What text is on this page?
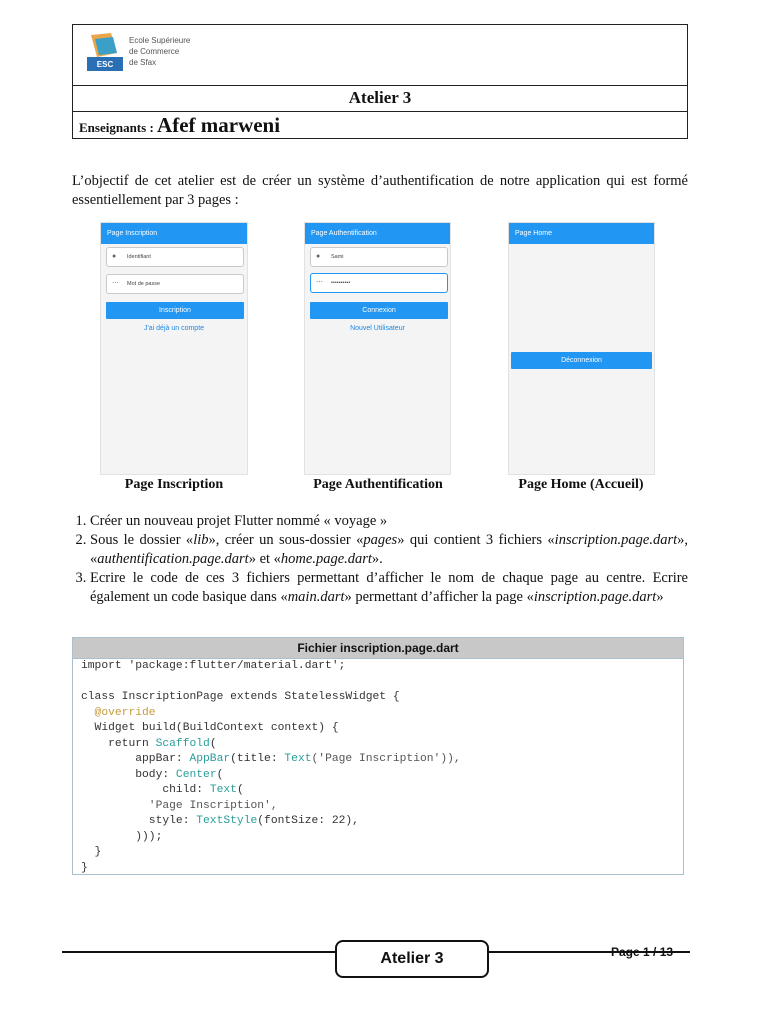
ESC
Ecole Supérieure
de Commerce
de Sfax
Atelier 3
Enseignants : Afef marweni
L’objectif de cet atelier est de créer un système d’authentification de notre application qui est formé essentiellement par 3 pages :
Page Inscription
● Identifiant
⋯ Mot de passe
Inscription
J'ai déjà un compte
Page Authentification
● Sami
⋯ ••••••••••
Connexion
Nouvel Utilisateur
Page Home
Déconnexion
Page Inscription	Page Authentification	Page Home (Accueil)
1. Créer un nouveau projet Flutter nommé « voyage »
2. Sous le dossier «lib», créer un sous-dossier «pages» qui contient 3 fichiers «inscription.page.dart», «authentification.page.dart» et «home.page.dart».
3. Ecrire le code de ces 3 fichiers permettant d’afficher le nom de chaque page au centre. Ecrire également un code basique dans «main.dart» permettant d’afficher la page «inscription.page.dart»
Fichier inscription.page.dart
import 'package:flutter/material.dart';

class InscriptionPage extends StatelessWidget {
@override
Widget build(BuildContext context) {
return Scaffold(
appBar: AppBar(title: Text('Page Inscription')),
body: Center(
child: Text(
'Page Inscription',
style: TextStyle(fontSize: 22),
)));
}
}
Atelier 3	Page 1 / 13
